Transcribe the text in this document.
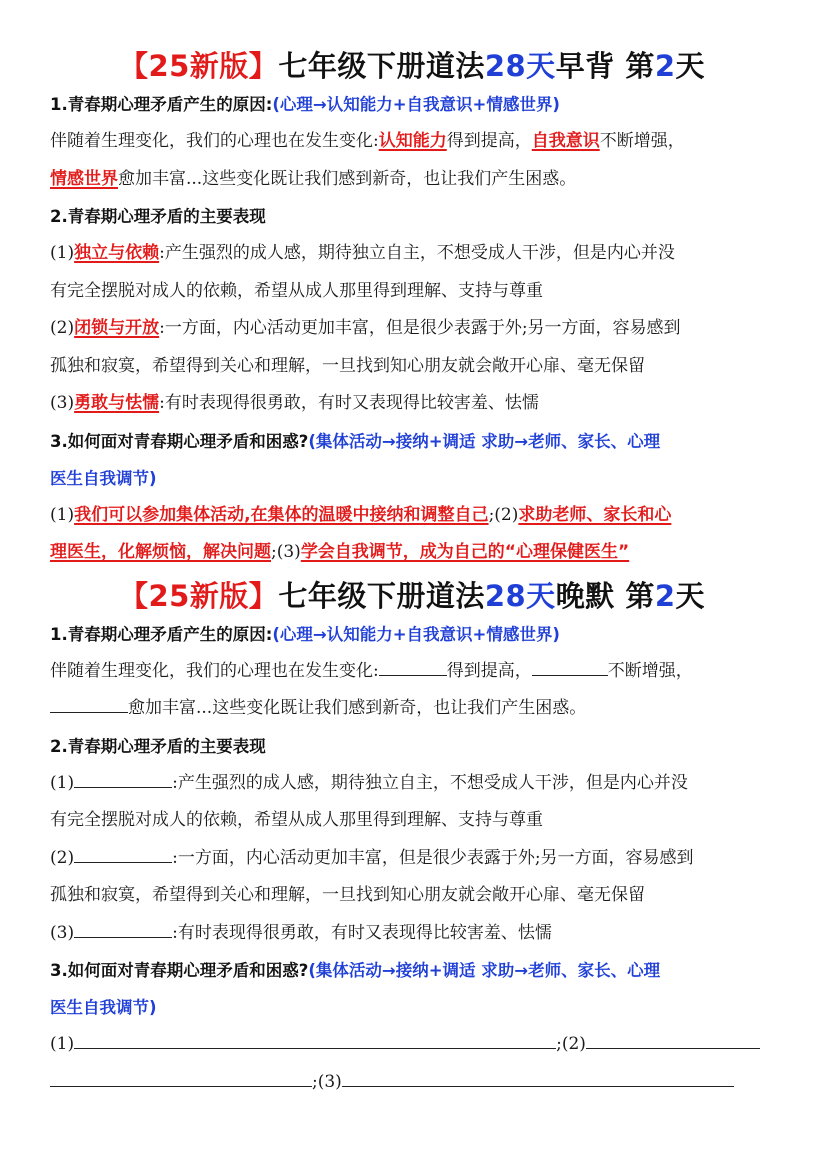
【25新版】七年级下册道法28天早背 第2天
1.青春期心理矛盾产生的原因:(心理→认知能力+自我意识+情感世界)
伴随着生理变化，我们的心理也在发生变化:认知能力得到提高，自我意识不断增强，
情感世界愈加丰富...这些变化既让我们感到新奇，也让我们产生困惑。
2.青春期心理矛盾的主要表现
(1)独立与依赖:产生强烈的成人感，期待独立自主，不想受成人干涉，但是内心并没
有完全摆脱对成人的依赖，希望从成人那里得到理解、支持与尊重
(2)闭锁与开放:一方面，内心活动更加丰富，但是很少表露于外;另一方面，容易感到
孤独和寂寞，希望得到关心和理解，一旦找到知心朋友就会敞开心扉、毫无保留
(3)勇敢与怯懦:有时表现得很勇敢，有时又表现得比较害羞、怯懦
3.如何面对青春期心理矛盾和困惑?(集体活动→接纳+调适 求助→老师、家长、心理
医生自我调节)
(1)我们可以参加集体活动,在集体的温暖中接纳和调整自己;(2)求助老师、家长和心
理医生，化解烦恼，解决问题;(3)学会自我调节，成为自己的“心理保健医生”
【25新版】七年级下册道法28天晚默 第2天
1.青春期心理矛盾产生的原因:(心理→认知能力+自我意识+情感世界)
伴随着生理变化，我们的心理也在发生变化:	得到提高，	不断增强，
愈加丰富...这些变化既让我们感到新奇，也让我们产生困惑。
2.青春期心理矛盾的主要表现
(1)	:产生强烈的成人感，期待独立自主，不想受成人干涉，但是内心并没
有完全摆脱对成人的依赖，希望从成人那里得到理解、支持与尊重
(2)	:一方面，内心活动更加丰富，但是很少表露于外;另一方面，容易感到
孤独和寂寞，希望得到关心和理解，一旦找到知心朋友就会敞开心扉、毫无保留
(3)	:有时表现得很勇敢，有时又表现得比较害羞、怯懦
3.如何面对青春期心理矛盾和困惑?(集体活动→接纳+调适 求助→老师、家长、心理
医生自我调节)
(1)	;(2)
;(3)
